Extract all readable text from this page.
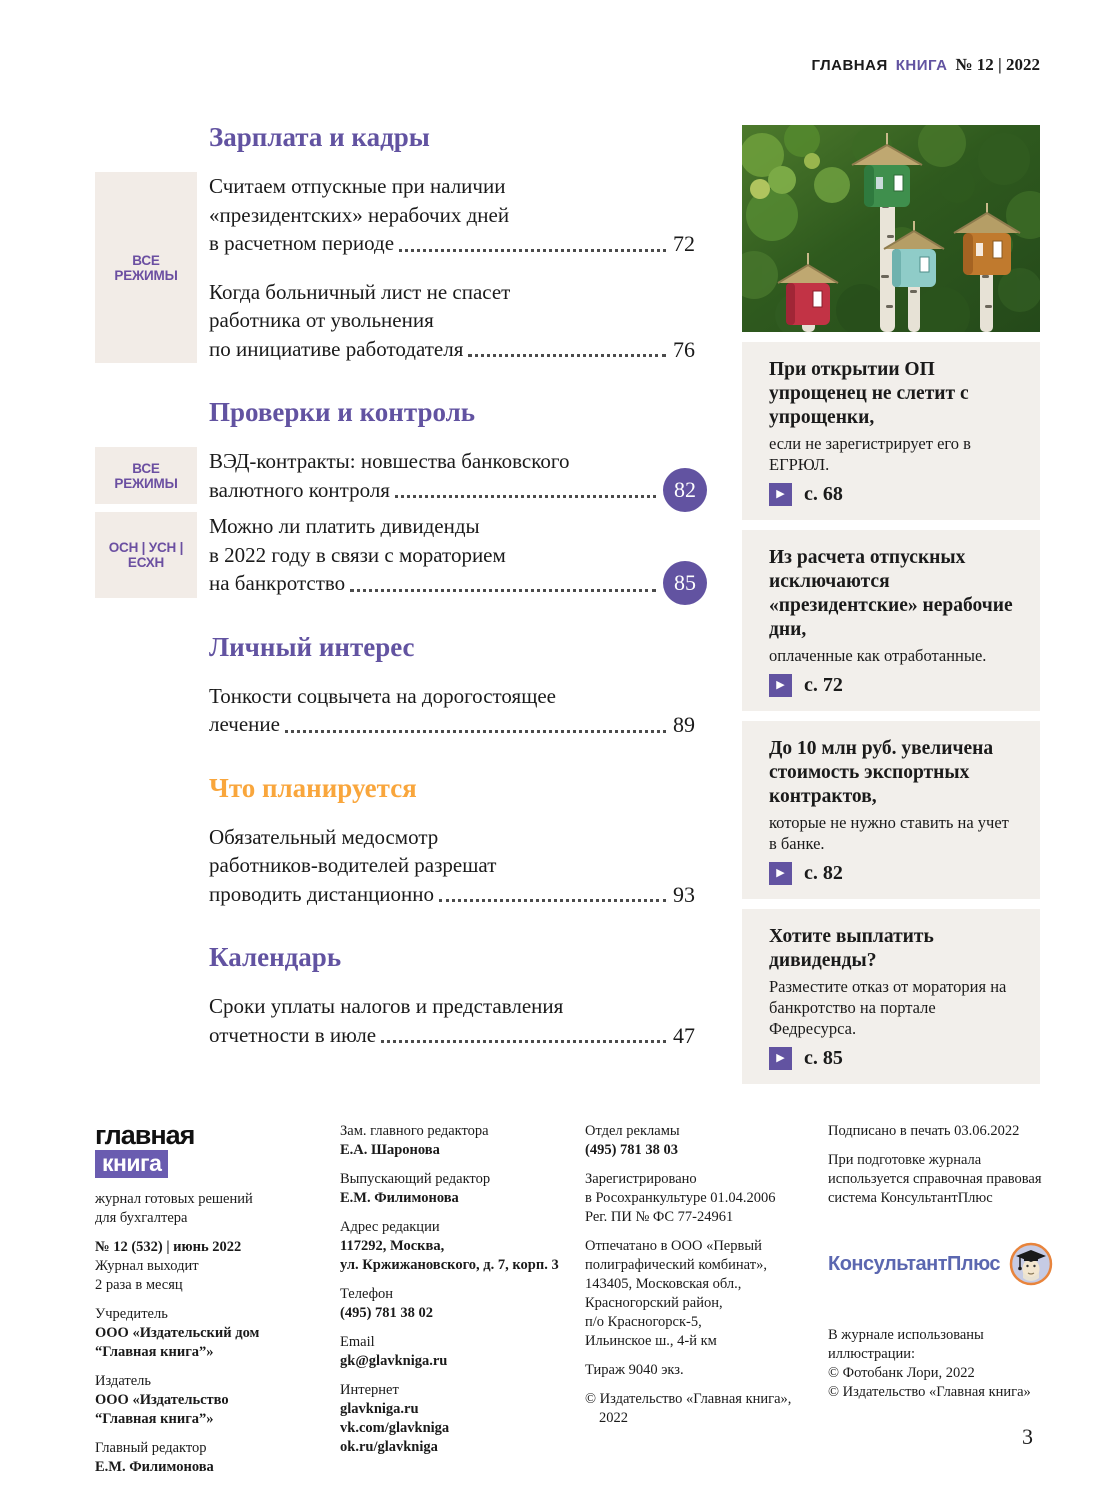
ГЛАВНАЯ КНИГА № 12 | 2022
Зарплата и кадры
ВСЕ РЕЖИМЫ
Считаем отпускные при наличии
«президентских» нерабочих дней
в расчетном периоде	72
Когда больничный лист не спасет
работника от увольнения
по инициативе работодателя	76
Проверки и контроль
ВСЕ РЕЖИМЫ
ВЭД-контракты: новшества банковского
валютного контроля	82
ОСН | УСН | ЕСХН
Можно ли платить дивиденды
в 2022 году в связи с мораторием
на банкротство	85
Личный интерес
Тонкости соцвычета на дорогостоящее
лечение	89
Что планируется
Обязательный медосмотр
работников-водителей разрешат
проводить дистанционно	93
Календарь
Сроки уплаты налогов и представления
отчетности в июле	47
При открытии ОП упрощенец не слетит с упрощенки,
если не зарегистрирует его в ЕГРЮЛ.
▶ с. 68
Из расчета отпускных исключаются «президентские» нерабочие дни,
оплаченные как отработанные.
▶ с. 72
До 10 млн руб. увеличена стоимость экспортных контрактов,
которые не нужно ставить на учет в банке.
▶ с. 82
Хотите выплатить дивиденды?
Разместите отказ от моратория на банкротство на портале Федресурса.
▶ с. 85
главная
книга
журнал готовых решений
для бухгалтера
№ 12 (532) | июнь 2022
Журнал выходит
2 раза в месяц
Учредитель
ООО «Издательский дом
“Главная книга”»
Издатель
ООО «Издательство
“Главная книга”»
Главный редактор
Е.М. Филимонова
Зам. главного редактора
Е.А. Шаронова
Выпускающий редактор
Е.М. Филимонова
Адрес редакции
117292, Москва,
ул. Кржижановского, д. 7, корп. 3
Телефон
(495) 781 38 02
Email
gk@glavkniga.ru
Интернет
glavkniga.ru
vk.com/glavkniga
ok.ru/glavkniga
Отдел рекламы
(495) 781 38 03
Зарегистрировано
в Росохранкультуре 01.04.2006
Рег. ПИ № ФС 77-24961
Отпечатано в ООО «Первый
полиграфический комбинат»,
143405, Московская обл.,
Красногорский район,
п/о Красногорск-5,
Ильинское ш., 4-й км
Тираж 9040 экз.
© Издательство «Главная книга»,
2022
Подписано в печать 03.06.2022
При подготовке журнала
используется справочная правовая
система КонсультантПлюс
КонсультантПлюс
В журнале использованы
иллюстрации:
© Фотобанк Лори, 2022
© Издательство «Главная книга»
3
